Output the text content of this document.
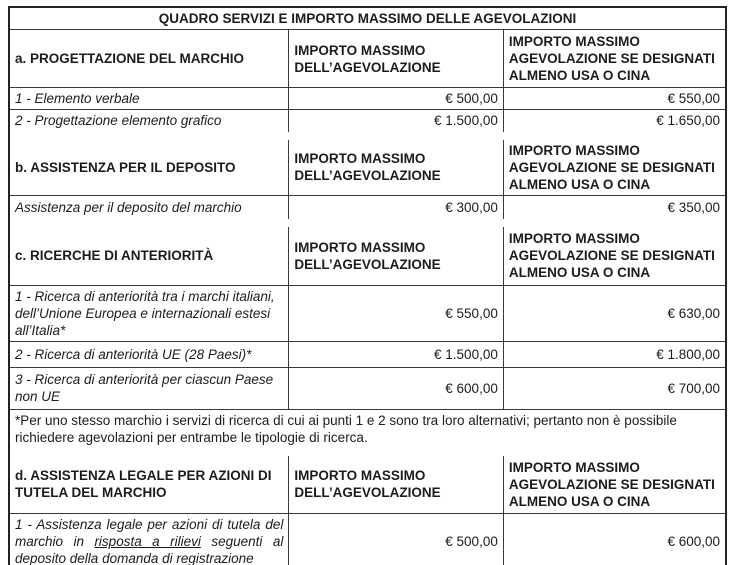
QUADRO SERVIZI E IMPORTO MASSIMO DELLE AGEVOLAZIONI		
a. PROGETTAZIONE DEL MARCHIO	IMPORTO MASSIMO DELL’AGEVOLAZIONE	IMPORTO MASSIMO AGEVOLAZIONE SE DESIGNATI ALMENO USA O CINA
1 - Elemento verbale	€ 500,00	€ 550,00
2 - Progettazione elemento grafico	€ 1.500,00	€ 1.650,00
b. ASSISTENZA PER IL DEPOSITO	IMPORTO MASSIMO DELL’AGEVOLAZIONE	IMPORTO MASSIMO AGEVOLAZIONE SE DESIGNATI ALMENO USA O CINA
Assistenza per il deposito del marchio	€ 300,00	€ 350,00
c. RICERCHE DI ANTERIORITÀ	IMPORTO MASSIMO DELL’AGEVOLAZIONE	IMPORTO MASSIMO AGEVOLAZIONE SE DESIGNATI ALMENO USA O CINA
1 - Ricerca di anteriorità tra i marchi italiani, dell’Unione Europea e internazionali estesi all’Italia*	€ 550,00	€ 630,00
2 - Ricerca di anteriorità UE (28 Paesi)*	€ 1.500,00	€ 1.800,00
3 - Ricerca di anteriorità per ciascun Paese non UE	€ 600,00	€ 700,00
*Per uno stesso marchio i servizi di ricerca di cui ai punti 1 e 2 sono tra loro alternativi; pertanto non è possibile richiedere agevolazioni per entrambe le tipologie di ricerca.		
d. ASSISTENZA LEGALE PER AZIONI DI TUTELA DEL MARCHIO	IMPORTO MASSIMO DELL’AGEVOLAZIONE	IMPORTO MASSIMO AGEVOLAZIONE SE DESIGNATI ALMENO USA O CINA
1 - Assistenza legale per azioni di tutela del marchio in risposta a rilievi seguenti al deposito della domanda di registrazione	€ 500,00	€ 600,00
